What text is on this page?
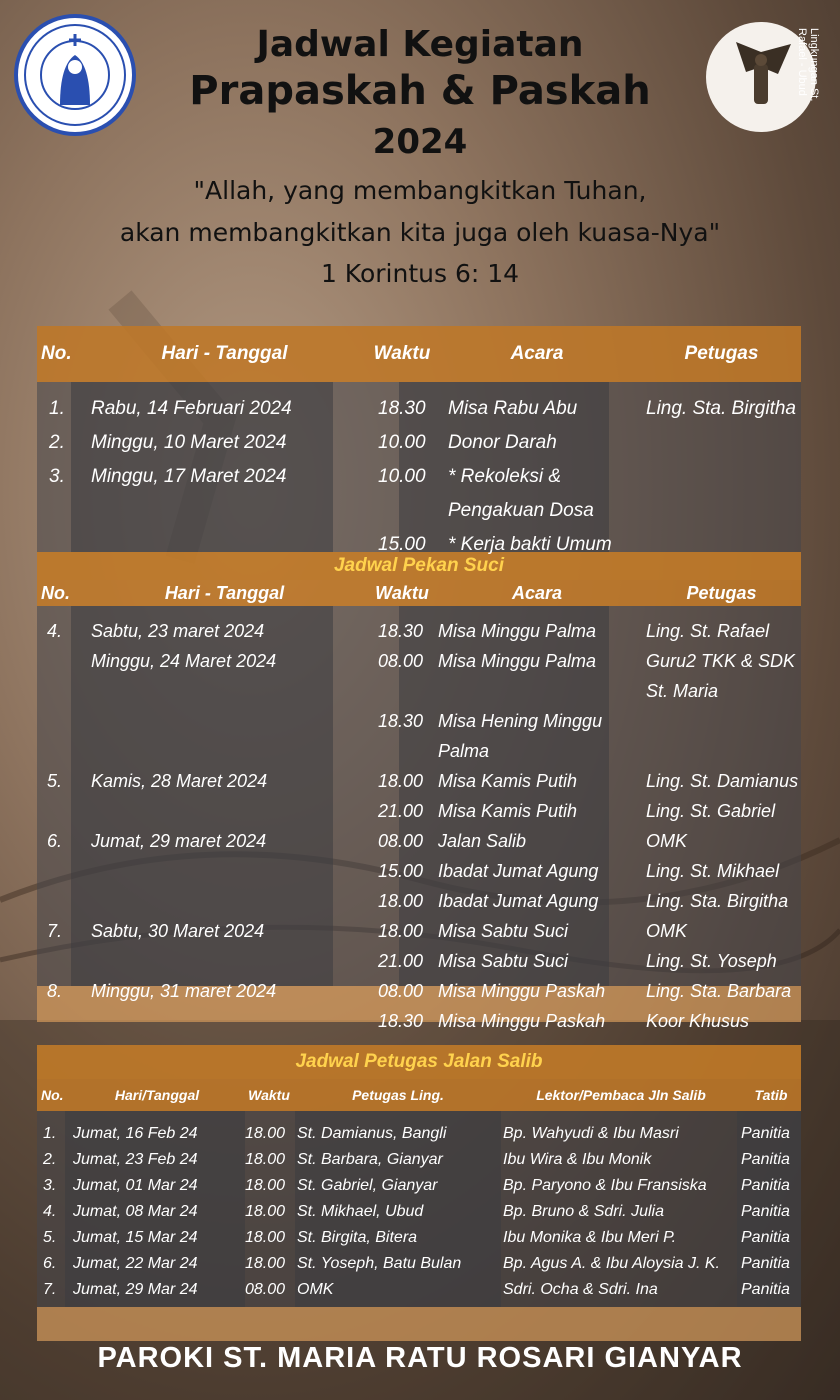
Lingkungan St. Rafael - Ubud
Jadwal Kegiatan
Prapaskah & Paskah
2024
"Allah, yang membangkitkan Tuhan,
akan membangkitkan kita juga oleh kuasa-Nya"
1 Korintus 6: 14
No.	Hari - Tanggal	Waktu	Acara	Petugas
1.	Rabu, 14 Februari 2024	18.30	Misa Rabu Abu	Ling. Sta. Birgitha
2.	Minggu, 10 Maret 2024	10.00	Donor Darah
3.	Minggu, 17 Maret 2024	10.00	* Rekoleksi & Pengakuan Dosa
15.00	* Kerja bakti Umum
Jadwal Pekan Suci
No.	Hari - Tanggal	Waktu	Acara	Petugas
4.	Sabtu, 23 maret 2024	18.30 Misa Minggu Palma	Ling. St. Rafael
Minggu, 24 Maret 2024	08.00 Misa Minggu Palma	Guru2 TKK & SDK St. Maria
18.30 Misa Hening Minggu Palma
5.	Kamis, 28 Maret 2024	18.00 Misa Kamis Putih	Ling. St. Damianus
21.00 Misa Kamis Putih	Ling. St. Gabriel
6.	Jumat, 29 maret 2024	08.00 Jalan Salib	OMK
15.00 Ibadat Jumat Agung	Ling. St. Mikhael
18.00 Ibadat Jumat Agung	Ling. Sta. Birgitha
7.	Sabtu, 30 Maret 2024	18.00 Misa Sabtu Suci	OMK
21.00 Misa Sabtu Suci	Ling. St. Yoseph
8.	Minggu, 31 maret 2024	08.00 Misa Minggu Paskah	Ling. Sta. Barbara
18.30 Misa Minggu Paskah	Koor Khusus
Jadwal Petugas Jalan Salib
No.	Hari/Tanggal	Waktu	Petugas Ling.	Lektor/Pembaca Jln Salib	Tatib
1.	Jumat, 16 Feb 24	18.00 St. Damianus, Bangli	Bp. Wahyudi & Ibu Masri	Panitia
2.	Jumat, 23 Feb 24	18.00 St. Barbara, Gianyar	Ibu Wira & Ibu Monik	Panitia
3.	Jumat, 01 Mar 24	18.00 St. Gabriel, Gianyar	Bp. Paryono & Ibu Fransiska	Panitia
4.	Jumat, 08 Mar 24	18.00 St. Mikhael, Ubud	Bp. Bruno & Sdri. Julia	Panitia
5.	Jumat, 15 Mar 24	18.00 St. Birgita, Bitera	Ibu Monika & Ibu Meri P.	Panitia
6.	Jumat, 22 Mar 24	18.00 St. Yoseph, Batu Bulan	Bp. Agus A. & Ibu Aloysia J. K.	Panitia
7.	Jumat, 29 Mar 24	08.00 OMK	Sdri. Ocha & Sdri. Ina	Panitia
PAROKI ST. MARIA RATU ROSARI GIANYAR
